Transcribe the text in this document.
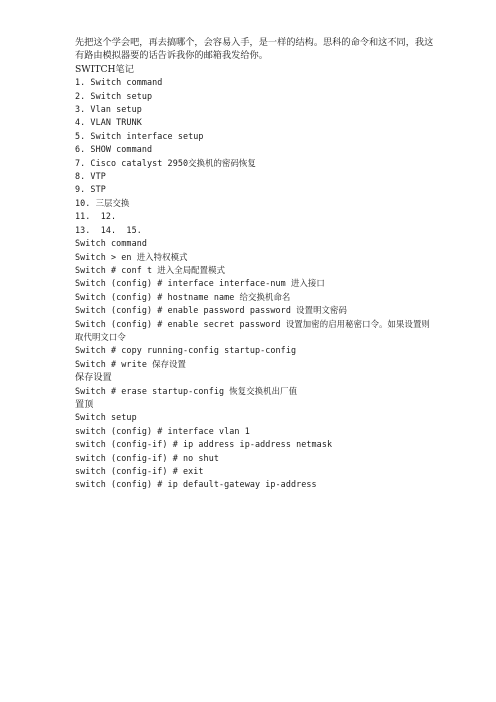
先把这个学会吧，再去搞哪个，会容易入手，是一样的结构。思科的命令和这不同，我这有路由模拟器要的话告诉我你的邮箱我发给你。
SWITCH笔记
1. Switch command
2. Switch setup
3. Vlan setup
4. VLAN TRUNK
5. Switch interface setup
6. SHOW command
7. Cisco catalyst 2950交换机的密码恢复
8. VTP
9. STP
10. 三层交换
11.  12.
13.  14.  15.
Switch command
Switch > en 进入特权模式
Switch # conf t 进入全局配置模式
Switch (config) # interface interface-num 进入接口
Switch (config) # hostname name 给交换机命名
Switch (config) # enable password password 设置明文密码
Switch (config) # enable secret password 设置加密的启用秘密口令。如果设置则取代明文口令
Switch # copy running-config startup-config
Switch # write 保存设置
保存设置
Switch # erase startup-config 恢复交换机出厂值
置顶
Switch setup
switch (config) # interface vlan 1
switch (config-if) # ip address ip-address netmask
switch (config-if) # no shut
switch (config-if) # exit
switch (config) # ip default-gateway ip-address
